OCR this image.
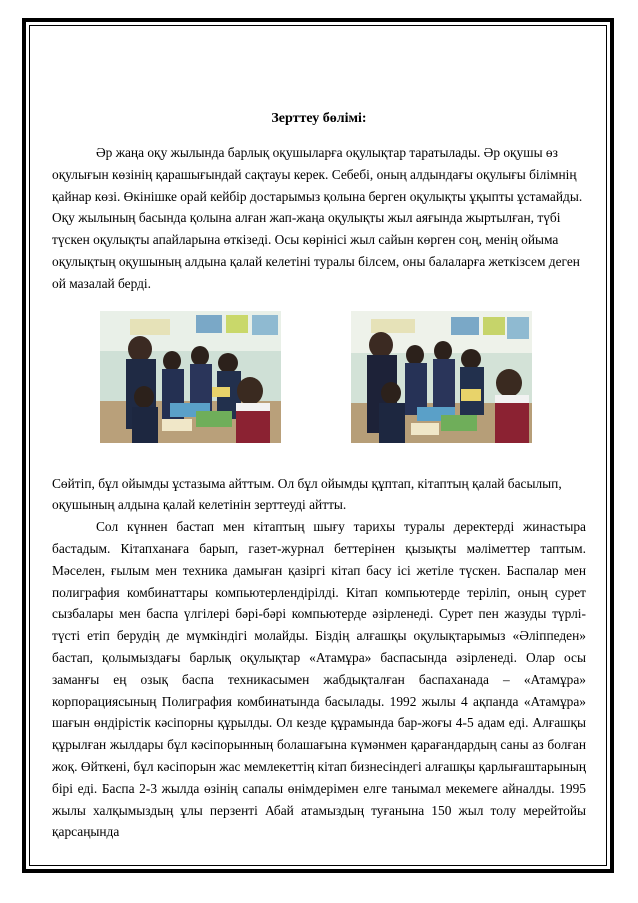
Зерттеу бөлімі:

Әр жаңа оқу жылында барлық оқушыларға оқулықтар таратылады. Әр оқушы өз оқулығын көзінің қарашығындай сақтауы керек. Себебі, оның алдындағы оқулығы білімнің қайнар көзі. Өкінішке орай кейбір достарымыз қолына берген оқулықты ұқыпты ұстамайды. Оқу жылының басында қолына алған жап-жаңа оқулықты жыл аяғында жыртылған, түбі түскен оқулықты апайларына өткізеді. Осы көрінісі жыл сайын көрген соң, менің ойыма оқулықтың оқушының алдына қалай келетіні туралы білсем, оны балаларға жеткізсем деген ой мазалай берді.

Сөйтіп, бұл ойымды ұстазыма айттым. Ол бұл ойымды құптап, кітаптың қалай басылып, оқушының алдына қалай келетінін зерттеуді айтты.

Сол күннен бастап мен кітаптың шығу тарихы туралы деректерді жинастыра бастадым. Кітапханаға барып, газет-журнал беттерінен қызықты мәліметтер таптым. Мәселен, ғылым мен техника дамыған қазіргі кітап басу ісі жетіле түскен. Баспалар мен полиграфия комбинаттары компьютерлендірілді. Кітап компьютерде теріліп, оның сурет сызбалары мен баспа үлгілері бәрі-бәрі компьютерде әзірленеді. Сурет пен жазуды түрлі-түсті етіп берудің де мүмкіндігі молайды. Біздің алғашқы оқулықтарымыз «Әліппеден» бастап, қолымыздағы барлық оқулықтар «Атамұра» баспасында әзірленеді. Олар осы заманғы ең озық баспа техникасымен жабдықталған баспаханада – «Атамұра» корпорациясының Полиграфия комбинатында басылады. 1992 жылы 4 ақпанда «Атамұра» шағын өндірістік кәсіпорны құрылды. Ол кезде құрамында бар-жоғы 4-5 адам еді. Алғашқы құрылған жылдары бұл кәсіпорынның болашағына күмәнмен қарағандардың саны аз болған жоқ. Өйткені, бұл кәсіпорын жас мемлекеттің кітап бизнесіндегі алғашқы қарлығаштарының бірі еді. Баспа 2-3 жылда өзінің сапалы өнімдерімен елге танымал мекемеге айналды. 1995 жылы халқымыздың ұлы перзенті Абай атамыздың туғанына 150 жыл толу мерейтойы қарсаңында
